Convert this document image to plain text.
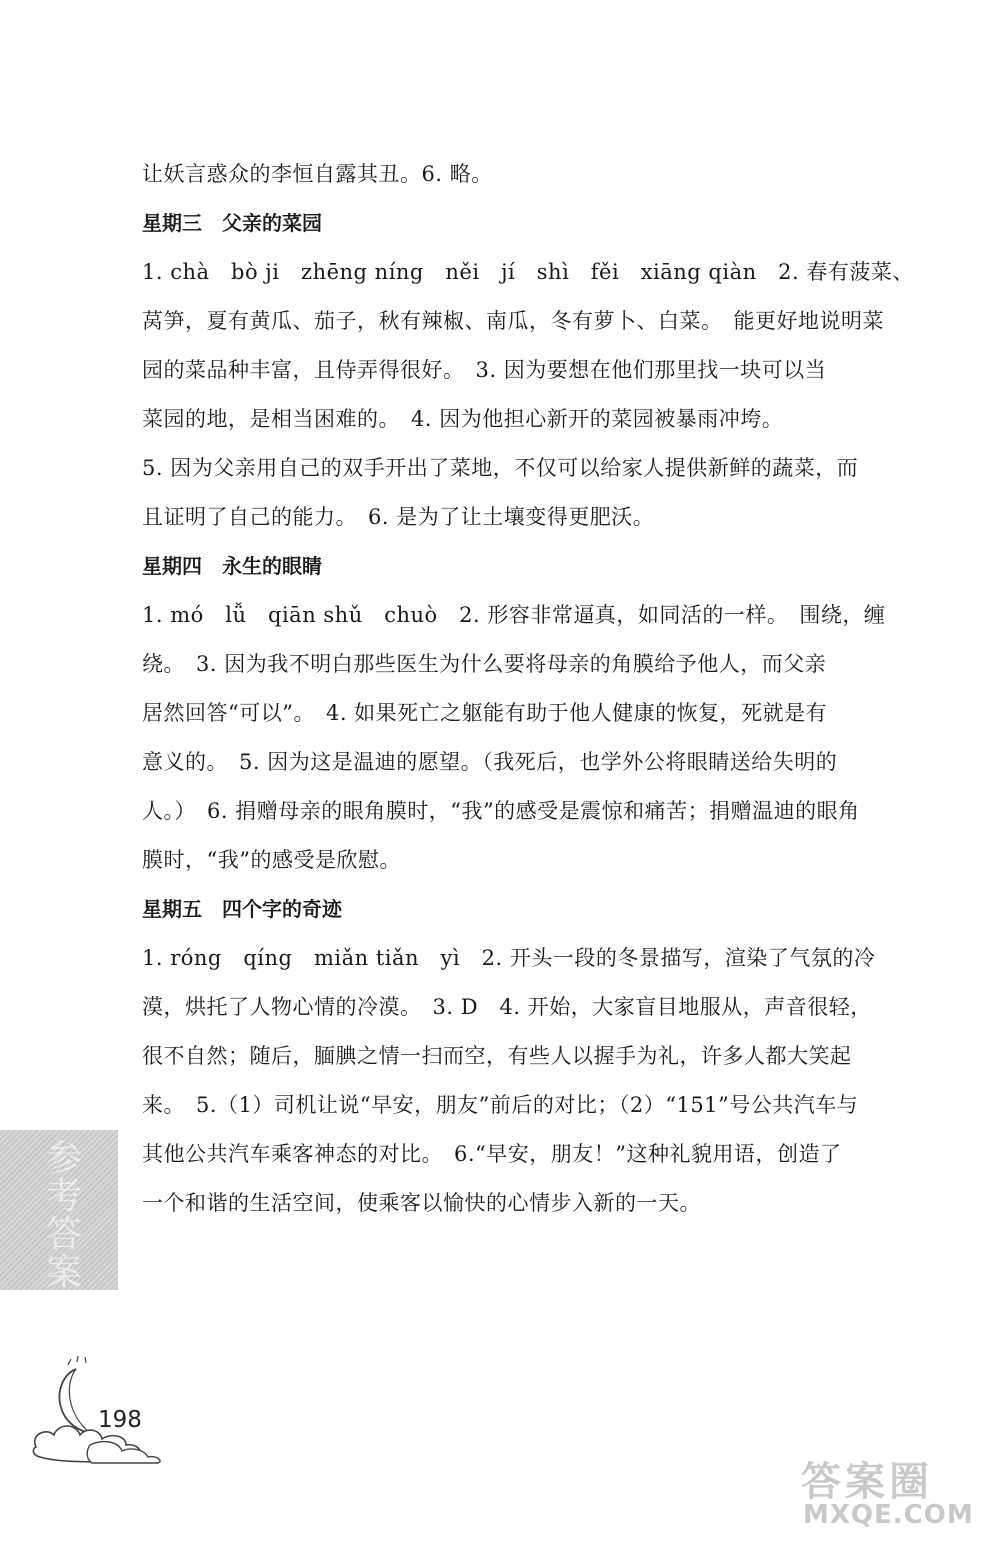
让妖言惑众的李恒自露其丑。6. 略。
星期三　父亲的菜园
1. chà　bò ji　zhēng níng　něi　jí　shì　fěi　xiāng qiàn　2. 春有菠菜、
莴笋，夏有黄瓜、茄子，秋有辣椒、南瓜，冬有萝卜、白菜。　能更好地说明菜
园的菜品种丰富，且侍弄得很好。　3. 因为要想在他们那里找一块可以当
菜园的地，是相当困难的。　4. 因为他担心新开的菜园被暴雨冲垮。
5. 因为父亲用自己的双手开出了菜地，不仅可以给家人提供新鲜的蔬菜，而
且证明了自己的能力。　6. 是为了让土壤变得更肥沃。
星期四　永生的眼睛
1. mó　lǚ　qiān shǔ　chuò　2. 形容非常逼真，如同活的一样。　围绕，缠
绕。　3. 因为我不明白那些医生为什么要将母亲的角膜给予他人，而父亲
居然回答“可以”。　4. 如果死亡之躯能有助于他人健康的恢复，死就是有
意义的。　5. 因为这是温迪的愿望。（我死后，也学外公将眼睛送给失明的
人。）　6. 捐赠母亲的眼角膜时，“我”的感受是震惊和痛苦；捐赠温迪的眼角
膜时，“我”的感受是欣慰。
星期五　四个字的奇迹
1. róng　qíng　miǎn tiǎn　yì　2. 开头一段的冬景描写，渲染了气氛的冷
漠，烘托了人物心情的冷漠。　3. D　4. 开始，大家盲目地服从，声音很轻，
很不自然；随后，腼腆之情一扫而空，有些人以握手为礼，许多人都大笑起
来。　5.（1）司机让说“早安，朋友”前后的对比；（2）“151”号公共汽车与
其他公共汽车乘客神态的对比。　6.“早安，朋友！”这种礼貌用语，创造了
一个和谐的生活空间，使乘客以愉快的心情步入新的一天。
参考答案
198
答案圈
MXQE.COM
